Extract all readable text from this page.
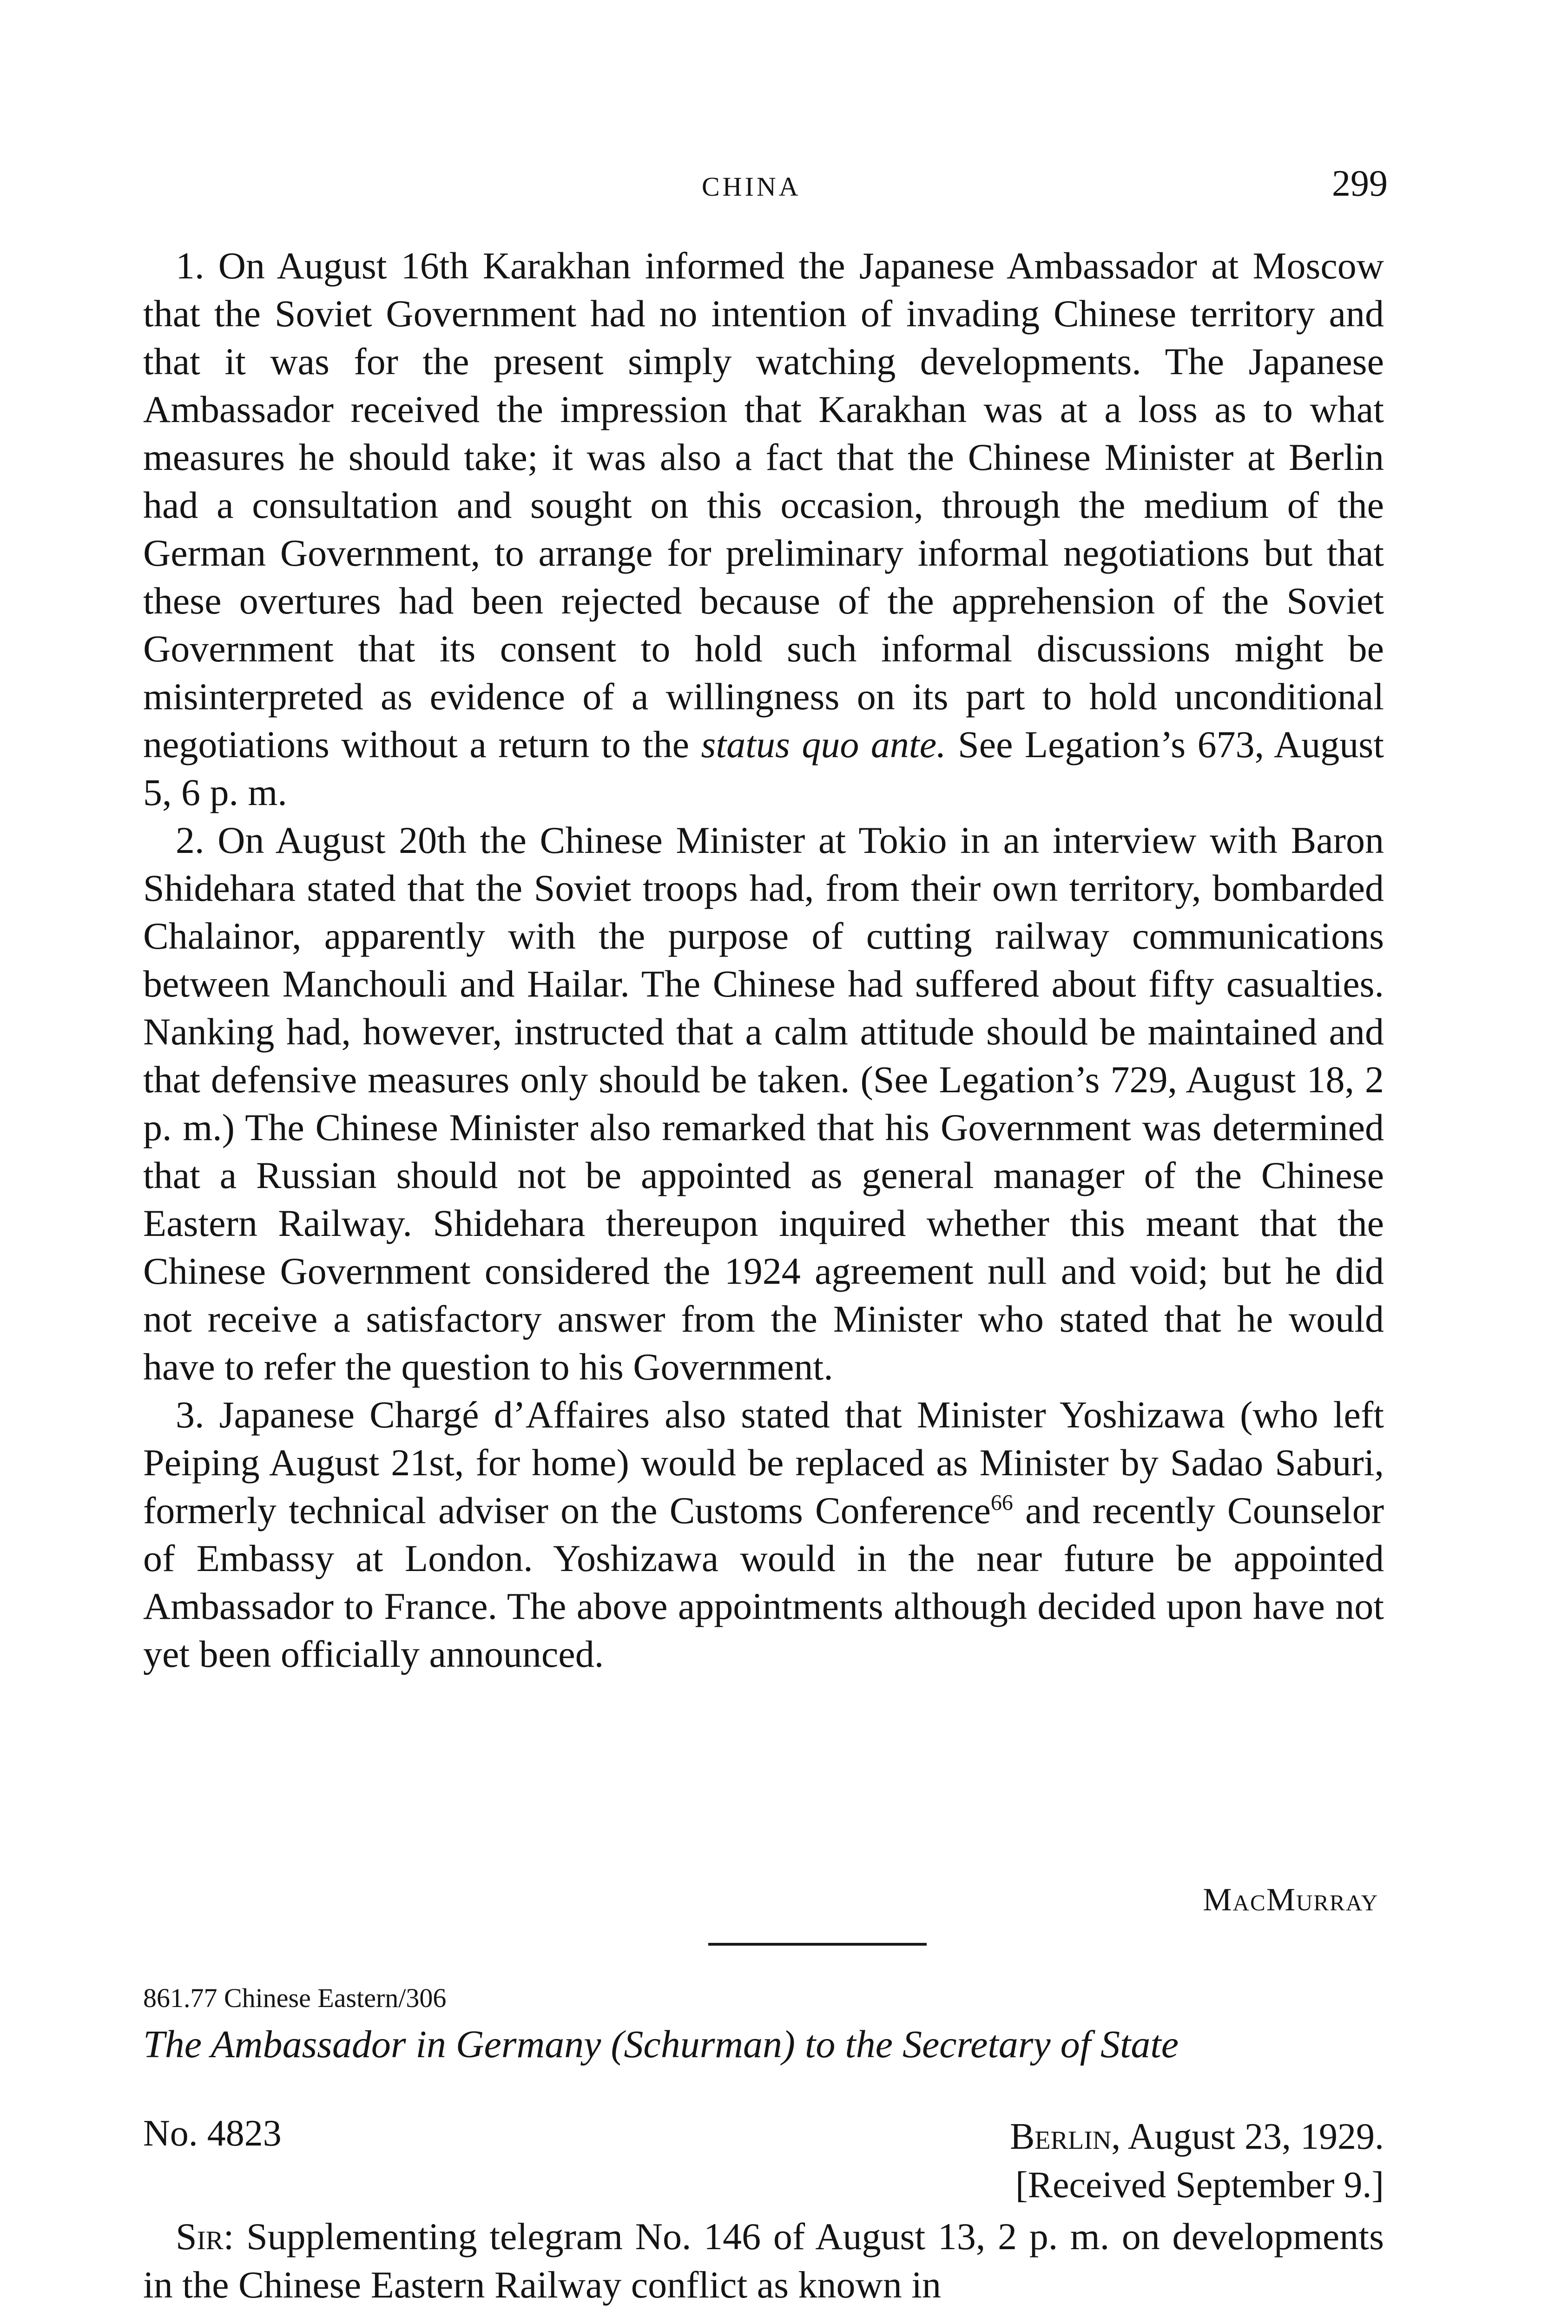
CHINA	299

1. On August 16th Karakhan informed the Japanese Ambassador at Moscow that the Soviet Government had no intention of invading Chinese territory and that it was for the present simply watching developments. The Japanese Ambassador received the impression that Karakhan was at a loss as to what measures he should take; it was also a fact that the Chinese Minister at Berlin had a consultation and sought on this occasion, through the medium of the German Government, to arrange for preliminary informal negotiations but that these overtures had been rejected because of the apprehension of the Soviet Government that its consent to hold such informal discussions might be misinterpreted as evidence of a willingness on its part to hold unconditional negotiations without a return to the status quo ante. See Legation’s 673, August 5, 6 p. m.

2. On August 20th the Chinese Minister at Tokio in an interview with Baron Shidehara stated that the Soviet troops had, from their own territory, bombarded Chalainor, apparently with the purpose of cutting railway communications between Manchouli and Hailar. The Chinese had suffered about fifty casualties. Nanking had, however, instructed that a calm attitude should be maintained and that defensive measures only should be taken. (See Legation’s 729, August 18, 2 p. m.) The Chinese Minister also remarked that his Government was determined that a Russian should not be appointed as general manager of the Chinese Eastern Railway. Shidehara thereupon inquired whether this meant that the Chinese Government considered the 1924 agreement null and void; but he did not receive a satisfactory answer from the Minister who stated that he would have to refer the question to his Government.

3. Japanese Chargé d’Affaires also stated that Minister Yoshizawa (who left Peiping August 21st, for home) would be replaced as Minister by Sadao Saburi, formerly technical adviser on the Customs Conference$^{66}$ and recently Counselor of Embassy at London. Yoshizawa would in the near future be appointed Ambassador to France. The above appointments although decided upon have not yet been officially announced.

MacMurray
861.77 Chinese Eastern/306
The Ambassador in Germany (Schurman) to the Secretary of State
No. 4823	Berlin, August 23, 1929.
[Received September 9.]

Sir: Supplementing telegram No. 146 of August 13, 2 p. m. on developments in the Chinese Eastern Railway conflict as known in
